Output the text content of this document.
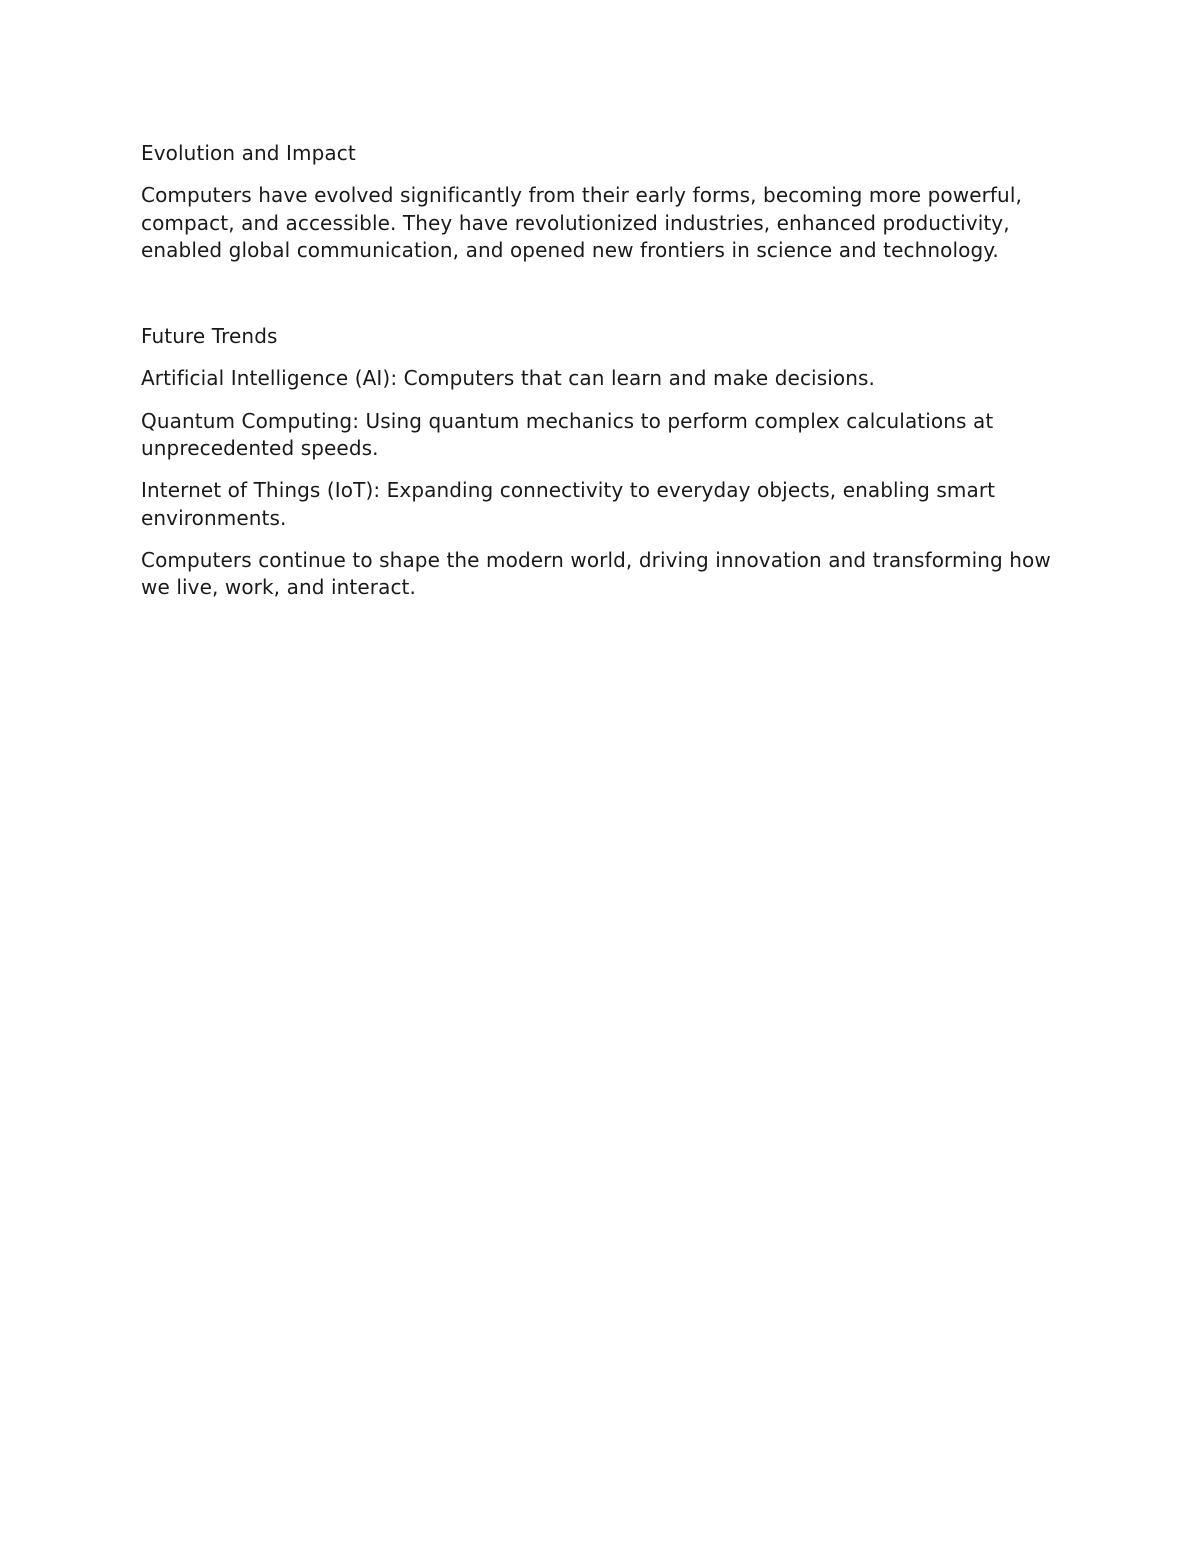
Evolution and Impact

Computers have evolved significantly from their early forms, becoming more powerful, compact, and accessible. They have revolutionized industries, enhanced productivity, enabled global communication, and opened new frontiers in science and technology.

Future Trends

Artificial Intelligence (AI): Computers that can learn and make decisions.

Quantum Computing: Using quantum mechanics to perform complex calculations at unprecedented speeds.

Internet of Things (IoT): Expanding connectivity to everyday objects, enabling smart environments.

Computers continue to shape the modern world, driving innovation and transforming how we live, work, and interact.
